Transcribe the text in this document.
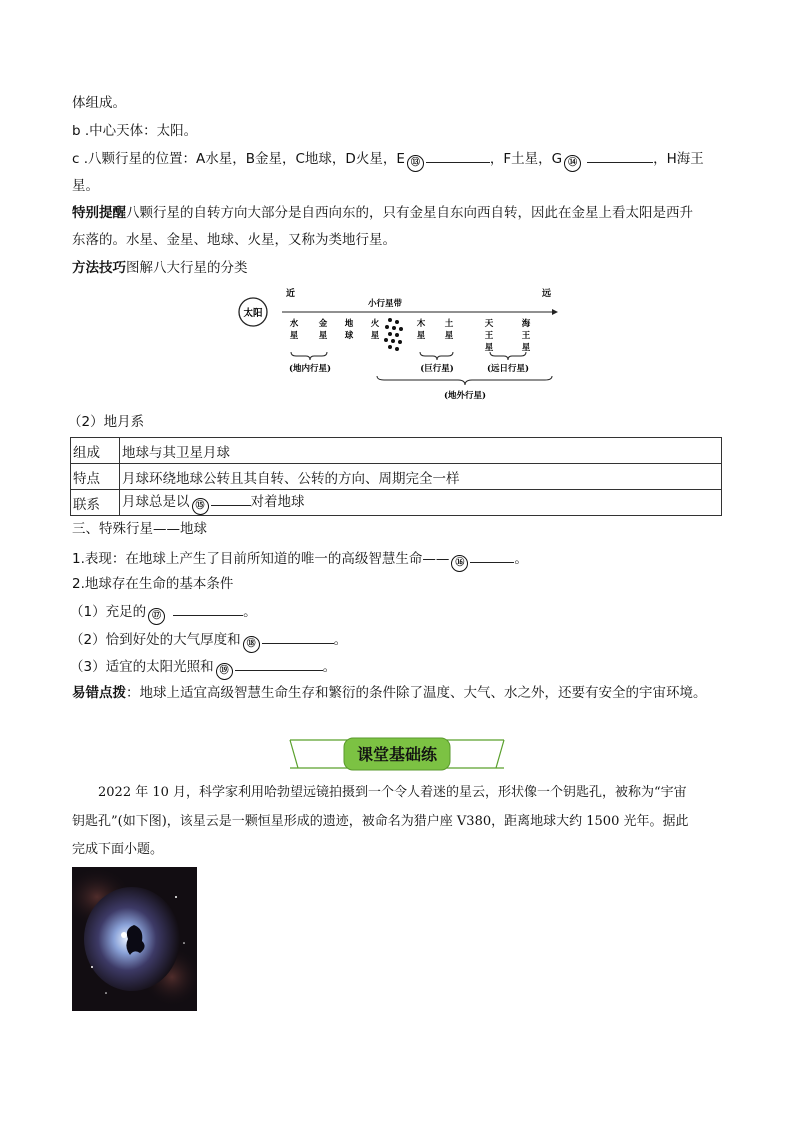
体组成。
b .中心天体：太阳。
c .八颗行星的位置：A水星，B金星，C地球，D火星，E ⑬	，F土星，G ⑭	，H海王
星。
特别提醒八颗行星的自转方向大部分是自西向东的，只有金星自东向西自转，因此在金星上看太阳是西升
东落的。水星、金星、地球、火星，又称为类地行星。
方法技巧图解八大行星的分类
太阳
近	远
小行星带
水
星
金
星
地
球
火
星
木
星
土
星
天
王
星
海
王
星
(地内行星)	(巨行星)	(远日行星)
(地外行星)
（2）地月系
组成	地球与其卫星月球
特点	月球环绕地球公转且其自转、公转的方向、周期完全一样
联系	月球总是以 ⑮ 对着地球
三、特殊行星——地球
1.表现：在地球上产生了目前所知道的唯一的高级智慧生命—— ⑯	。
2.地球存在生命的基本条件
（1）充足的 ⑰	。
（2）恰到好处的大气厚度和 ⑱	。
（3）适宜的太阳光照和 ⑲	。
易错点拨：地球上适宜高级智慧生命生存和繁衍的条件除了温度、大气、水之外，还要有安全的宇宙环境。
课堂基础练
2022 年 10 月，科学家利用哈勃望远镜拍摄到一个令人着迷的星云，形状像一个钥匙孔，被称为“宇宙
钥匙孔”(如下图)，该星云是一颗恒星形成的遗迹，被命名为猎户座 V380，距离地球大约 1500 光年。据此
完成下面小题。
